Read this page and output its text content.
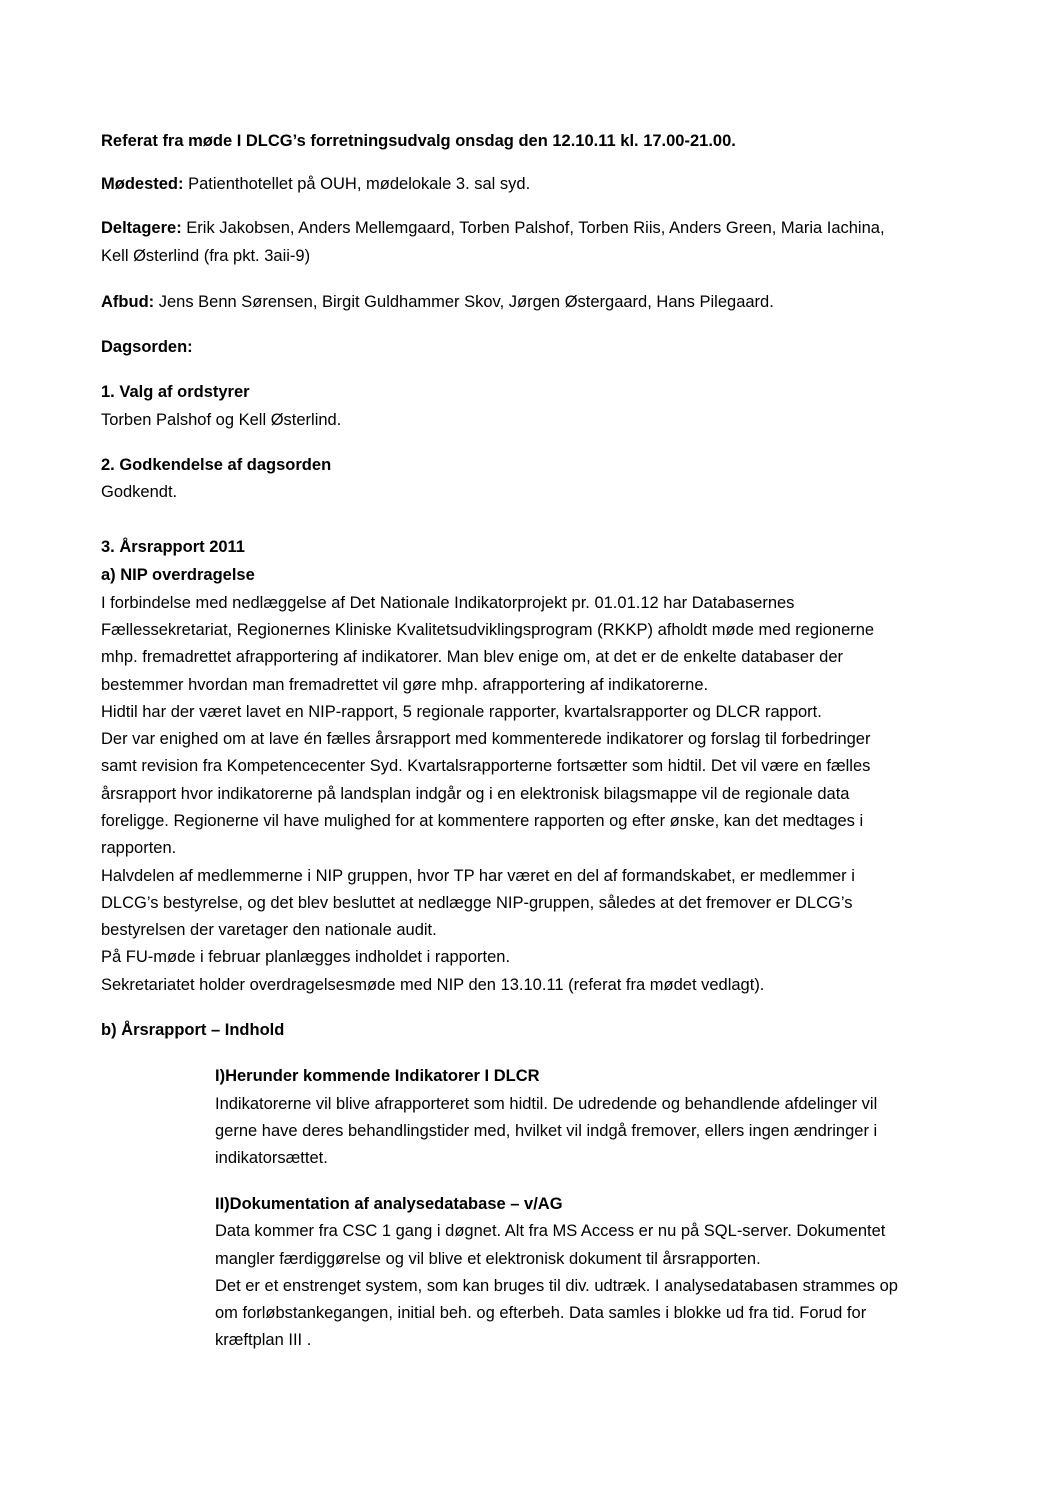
Referat fra møde I DLCG’s forretningsudvalg onsdag den 12.10.11 kl. 17.00-21.00.
Mødested: Patienthotellet på OUH, mødelokale 3. sal syd.
Deltagere: Erik Jakobsen, Anders Mellemgaard, Torben Palshof, Torben Riis, Anders Green, Maria Iachina,
Kell Østerlind (fra pkt. 3aii-9)
Afbud: Jens Benn Sørensen, Birgit Guldhammer Skov, Jørgen Østergaard, Hans Pilegaard.
Dagsorden:
1. Valg af ordstyrer
Torben Palshof og Kell Østerlind.
2. Godkendelse af dagsorden
Godkendt.
3. Årsrapport 2011
a) NIP overdragelse
I forbindelse med nedlæggelse af Det Nationale Indikatorprojekt pr. 01.01.12 har Databasernes
Fællessekretariat, Regionernes Kliniske Kvalitetsudviklingsprogram (RKKP) afholdt møde med regionerne
mhp. fremadrettet afrapportering af indikatorer. Man blev enige om, at det er de enkelte databaser der
bestemmer hvordan man fremadrettet vil gøre mhp. afrapportering af indikatorerne.
Hidtil har der været lavet en NIP-rapport, 5 regionale rapporter, kvartalsrapporter og DLCR rapport.
Der var enighed om at lave én fælles årsrapport med kommenterede indikatorer og forslag til forbedringer
samt revision fra Kompetencecenter Syd. Kvartalsrapporterne fortsætter som hidtil. Det vil være en fælles
årsrapport hvor indikatorerne på landsplan indgår og i en elektronisk bilagsmappe vil de regionale data
foreligge. Regionerne vil have mulighed for at kommentere rapporten og efter ønske, kan det medtages i
rapporten.
Halvdelen af medlemmerne i NIP gruppen, hvor TP har været en del af formandskabet, er medlemmer i
DLCG’s bestyrelse, og det blev besluttet at nedlægge NIP-gruppen, således at det fremover er DLCG’s
bestyrelsen der varetager den nationale audit.
På FU-møde i februar planlægges indholdet i rapporten.
Sekretariatet holder overdragelsesmøde med NIP den 13.10.11 (referat fra mødet vedlagt).
b) Årsrapport – Indhold
I)Herunder kommende Indikatorer I DLCR
Indikatorerne vil blive afrapporteret som hidtil. De udredende og behandlende afdelinger vil
gerne have deres behandlingstider med, hvilket vil indgå fremover, ellers ingen ændringer i
indikatorsættet.
II)Dokumentation af analysedatabase – v/AG
Data kommer fra CSC 1 gang i døgnet. Alt fra MS Access er nu på SQL-server. Dokumentet
mangler færdiggørelse og vil blive et elektronisk dokument til årsrapporten.
Det er et enstrenget system, som kan bruges til div. udtræk. I analysedatabasen strammes op
om forløbstankegangen, initial beh. og efterbeh. Data samles i blokke ud fra tid. Forud for
kræftplan III .
